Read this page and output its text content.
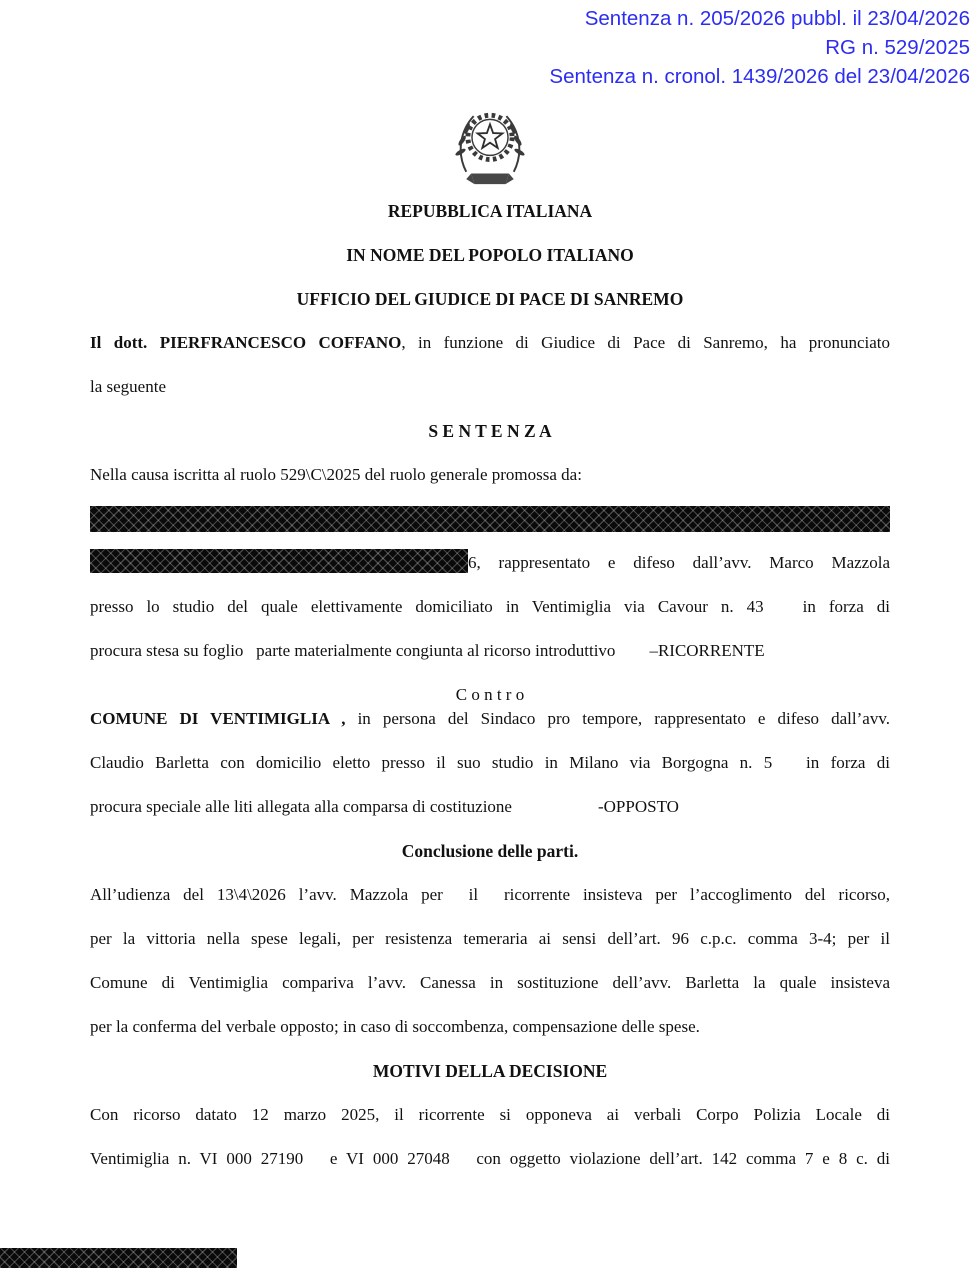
Sentenza n. 205/2026 pubbl. il 23/04/2026
RG n. 529/2025
Sentenza n. cronol. 1439/2026 del 23/04/2026
REPUBBLICA ITALIANA
IN NOME DEL POPOLO ITALIANO
UFFICIO DEL GIUDICE DI PACE DI SANREMO
Il dott. PIERFRANCESCO COFFANO, in funzione di Giudice di Pace di Sanremo, ha pronunciato
la seguente
S E N T E N Z A
Nella causa iscritta al ruolo 529\C\2025 del ruolo generale promossa da:
6, rappresentato e difeso dall’avv. Marco Mazzola
presso lo studio del quale elettivamente domiciliato in Ventimiglia via Cavour n. 43   in forza di
procura stesa su foglio   parte materialmente congiunta al ricorso introduttivo –RICORRENTE
C o n t r o
COMUNE DI VENTIMIGLIA , in persona del Sindaco pro tempore, rappresentato e difeso dall’avv.
Claudio Barletta con domicilio eletto presso il suo studio in Milano via Borgogna n. 5   in forza di
procura speciale alle liti allegata alla comparsa di costituzione	-OPPOSTO
Conclusione delle parti.
All’udienza del 13\4\2026 l’avv. Mazzola per  il  ricorrente insisteva per l’accoglimento del ricorso,
per la vittoria nella spese legali, per resistenza temeraria ai sensi dell’art. 96 c.p.c. comma 3-4; per il
Comune di Ventimiglia compariva l’avv. Canessa in sostituzione dell’avv. Barletta la quale insisteva
per la conferma del verbale opposto; in caso di soccombenza, compensazione delle spese.
MOTIVI DELLA DECISIONE
Con ricorso datato 12 marzo 2025, il ricorrente si opponeva ai verbali Corpo Polizia Locale di
Ventimiglia n. VI 000 27190   e VI 000 27048   con oggetto violazione dell’art. 142 comma 7 e 8 c. di
